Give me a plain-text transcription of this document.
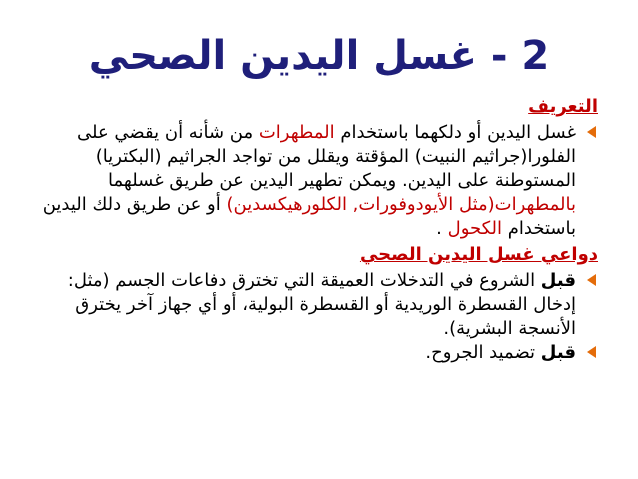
2 - غسل اليدين الصحي
التعريف
غسل اليدين أو دلكهما باستخدام المطهرات من شأنه أن يقضي على الفلورا(جراثيم النبيت) المؤقتة ويقلل من تواجد الجراثيم (البكتريا) المستوطنة على اليدين. ويمكن تطهير اليدين عن طريق غسلهما بالمطهرات(مثل الأيودوفورات, الكلورهيكسدين) أو عن طريق دلك اليدين باستخدام الكحول .
دواعي غسل اليدين الصحي
قبل الشروع في التدخلات العميقة التي تخترق دفاعات الجسم (مثل: إدخال القسطرة الوريدية أو القسطرة البولية، أو أي جهاز آخر يخترق الأنسجة البشرية).
قبل تضميد الجروح.
